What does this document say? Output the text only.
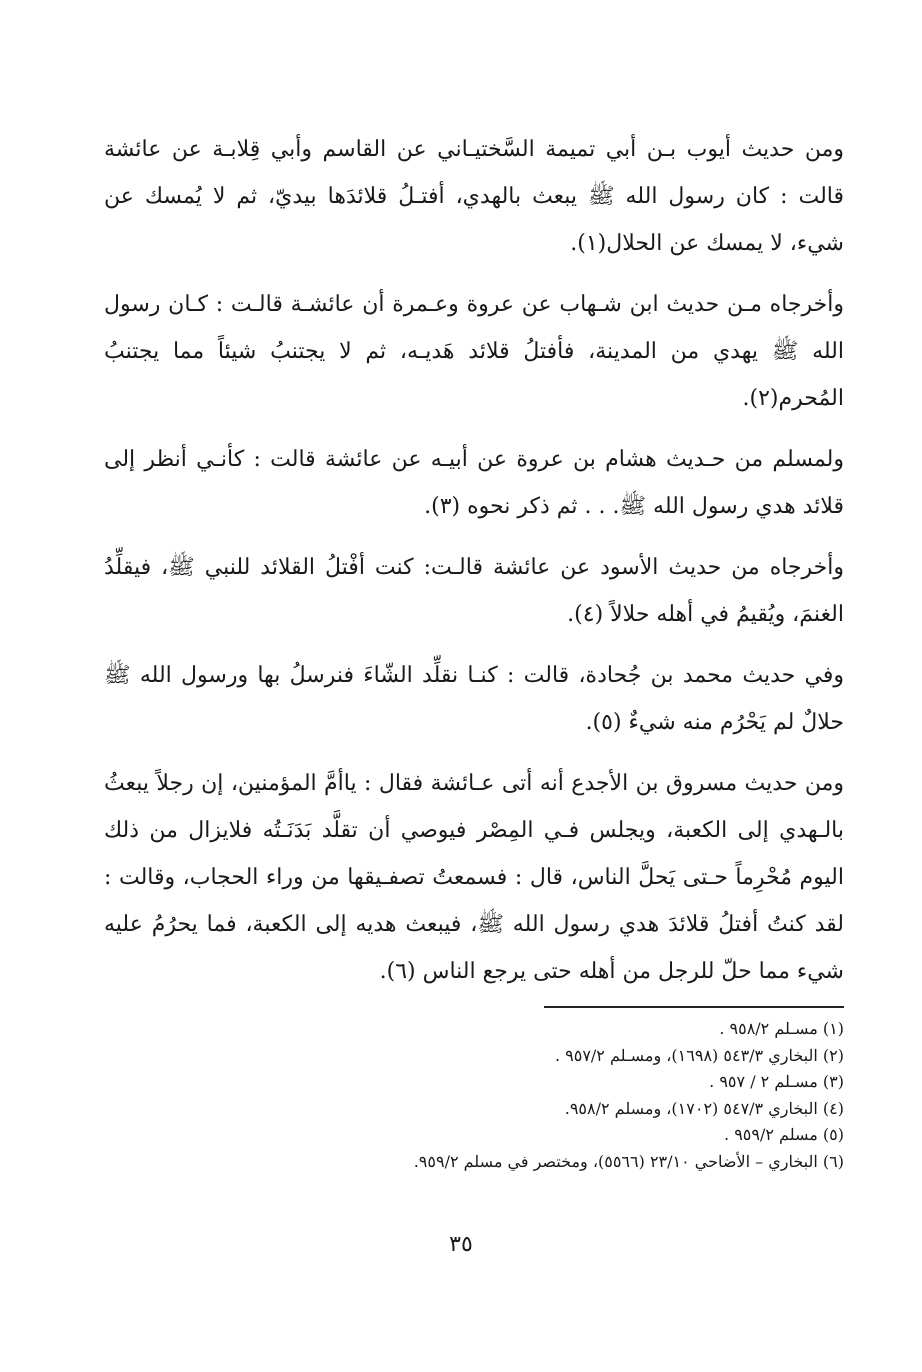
ومن حديث أيوب بـن أبي تميمة السَّختيـاني عن القاسم وأبي قِلابـة عن عائشة قالت : كان رسول الله ﷺ يبعث بالهدي، أفتـلُ قلائدَها بيديّ، ثم لا يُمسك عن شيء، لا يمسك عن الحلال(١).

وأخرجاه مـن حديث ابن شـهاب عن عروة وعـمرة أن عائشـة قالـت : كـان رسول الله ﷺ يهدي من المدينة، فأفتلُ قلائد هَديـه، ثم لا يجتنبُ شيئاً مما يجتنبُ المُحرم(٢).

ولمسلم من حـديث هشام بن عروة عن أبيـه عن عائشة قالت : كأنـي أنظر إلى قلائد هدي رسول الله ﷺ. . . ثم ذكر نحوه (٣).

وأخرجاه من حديث الأسود عن عائشة قالـت: كنت أفْتلُ القلائد للنبي ﷺ، فيقلِّدُ الغنمَ، ويُقيمُ في أهله حلالاً (٤).

وفي حديث محمد بن جُحادة، قالت : كنـا نقلِّد الشّاءَ فنرسلُ بها ورسول الله ﷺ حلالٌ لم يَحْرُم منه شيءٌ (٥).

ومن حديث مسروق بن الأجدع أنه أتى عـائشة فقال : ياأمَّ المؤمنين، إن رجلاً يبعثُ بالـهدي إلى الكعبة، ويجلس فـي المِصْر فيوصي أن تقلَّد بَدَنَـتُه فلايزال من ذلك اليوم مُحْرِماً حـتى يَحلَّ الناس، قال : فسمعتُ تصفـيقها من وراء الحجاب، وقالت : لقد كنتُ أفتلُ قلائدَ هدي رسول الله ﷺ، فيبعث هديه إلى الكعبة، فما يحرُمُ عليه شيء مما حلّ للرجل من أهله حتى يرجع الناس (٦).

(١) مسـلم ٩٥٨/٢ .
(٢) البخاري ٥٤٣/٣ (١٦٩٨)، ومسـلم ٩٥٧/٢ .
(٣) مسـلم ٢ / ٩٥٧ .
(٤) البخاري ٥٤٧/٣ (١٧٠٢)، ومسلم ٩٥٨/٢.
(٥) مسلم ٩٥٩/٢ .
(٦) البخاري – الأضاحي ٢٣/١٠ (٥٥٦٦)، ومختصر في مسلم ٩٥٩/٢.
٣٥
